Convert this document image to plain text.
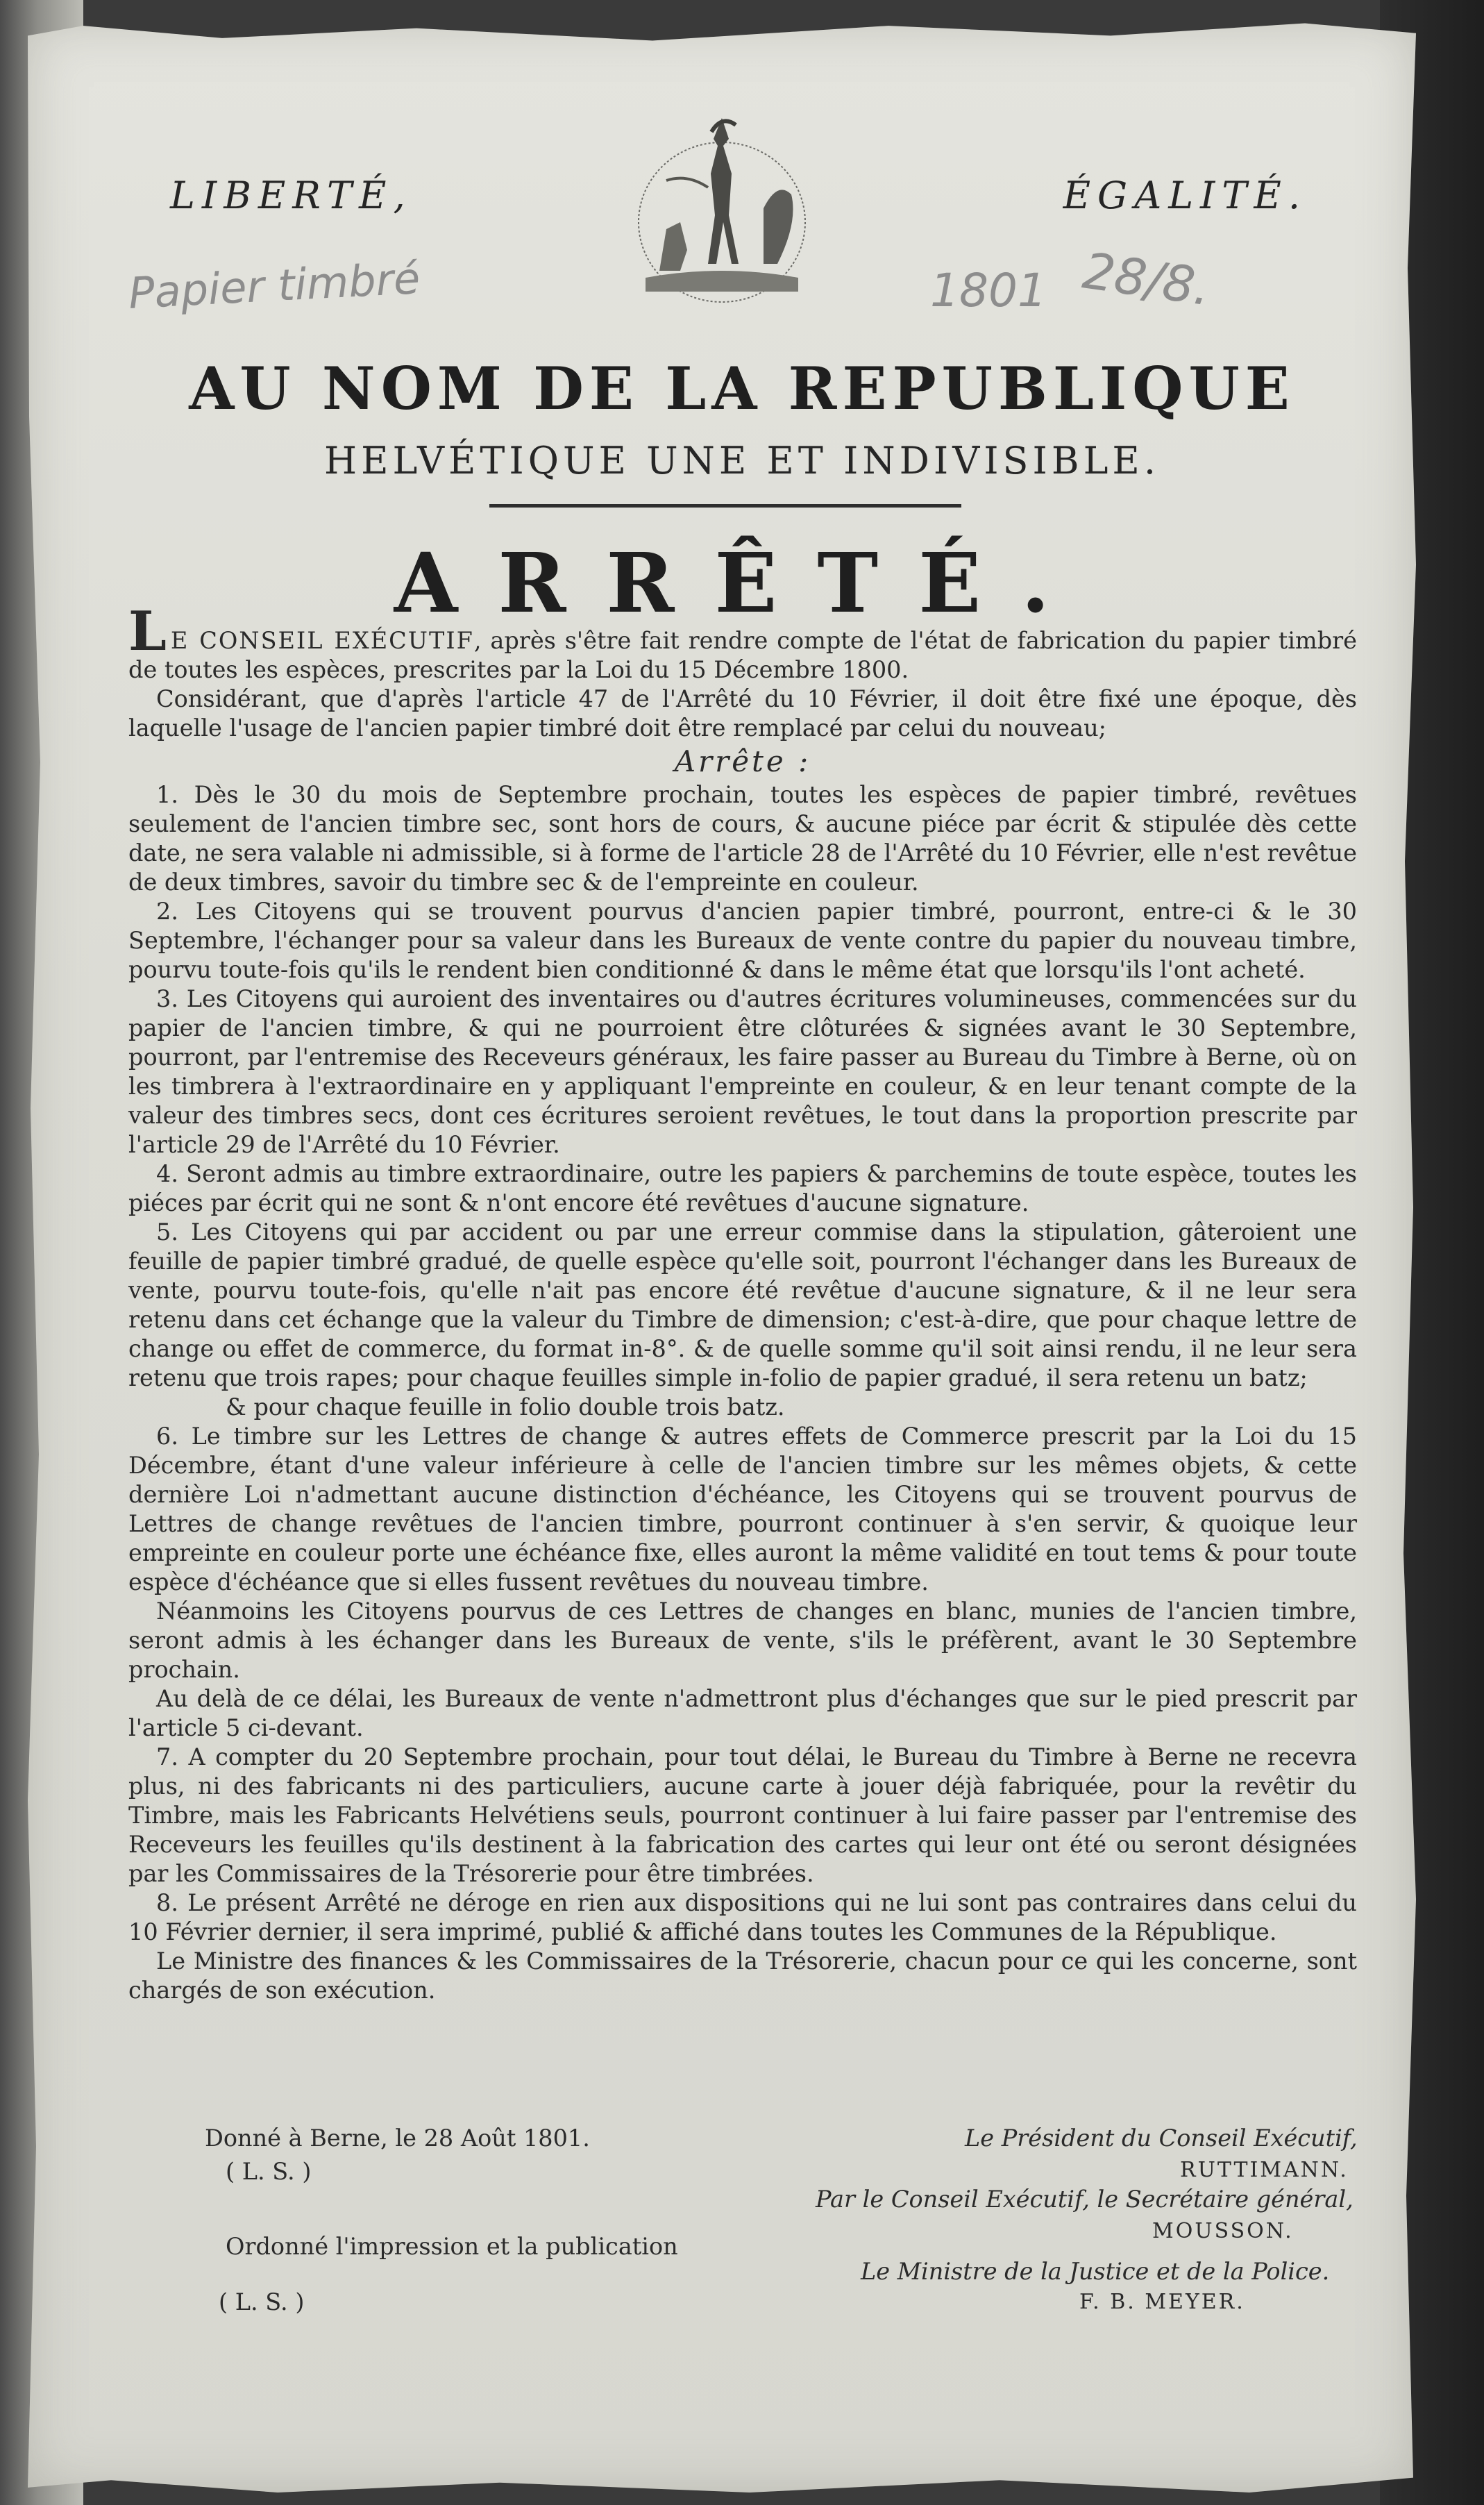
LIBERTÉ,	ÉGALITÉ.
Papier timbré	1801 28/8.
AU NOM DE LA REPUBLIQUE
HELVÉTIQUE UNE ET INDIVISIBLE.
ARRÊTÉ.

L E CONSEIL EXÉCUTIF, après s'être fait rendre compte de l'état de fabrication du papier timbré de toutes les espèces, prescrites par la Loi du 15 Décembre 1800.

Considérant, que d'après l'article 47 de l'Arrêté du 10 Février, il doit être fixé une époque, dès laquelle l'usage de l'ancien papier timbré doit être remplacé par celui du nouveau;

Arrête :

1. Dès le 30 du mois de Septembre prochain, toutes les espèces de papier timbré, revêtues seulement de l'ancien timbre sec, sont hors de cours, & aucune piéce par écrit & stipulée dès cette date, ne sera valable ni admissible, si à forme de l'article 28 de l'Arrêté du 10 Février, elle n'est revêtue de deux timbres, savoir du timbre sec & de l'empreinte en couleur.

2. Les Citoyens qui se trouvent pourvus d'ancien papier timbré, pourront, entre-ci & le 30 Septembre, l'échanger pour sa valeur dans les Bureaux de vente contre du papier du nouveau timbre, pourvu toute-fois qu'ils le rendent bien conditionné & dans le même état que lorsqu'ils l'ont acheté.

3. Les Citoyens qui auroient des inventaires ou d'autres écritures volumineuses, commencées sur du papier de l'ancien timbre, & qui ne pourroient être clôturées & signées avant le 30 Septembre, pourront, par l'entremise des Receveurs généraux, les faire passer au Bureau du Timbre à Berne, où on les timbrera à l'extraordinaire en y appliquant l'empreinte en couleur, & en leur tenant compte de la valeur des timbres secs, dont ces écritures seroient revêtues, le tout dans la proportion prescrite par l'article 29 de l'Arrêté du 10 Février.

4. Seront admis au timbre extraordinaire, outre les papiers & parchemins de toute espèce, toutes les piéces par écrit qui ne sont & n'ont encore été revêtues d'aucune signature.

5. Les Citoyens qui par accident ou par une erreur commise dans la stipulation, gâteroient une feuille de papier timbré gradué, de quelle espèce qu'elle soit, pourront l'échanger dans les Bureaux de vente, pourvu toute-fois, qu'elle n'ait pas encore été revêtue d'aucune signature, & il ne leur sera retenu dans cet échange que la valeur du Timbre de dimension; c'est-à-dire, que pour chaque lettre de change ou effet de commerce, du format in-8°. & de quelle somme qu'il soit ainsi rendu, il ne leur sera retenu que trois rapes; pour chaque feuilles simple in-folio de papier gradué, il sera retenu un batz;

& pour chaque feuille in folio double trois batz.

6. Le timbre sur les Lettres de change & autres effets de Commerce prescrit par la Loi du 15 Décembre, étant d'une valeur inférieure à celle de l'ancien timbre sur les mêmes objets, & cette dernière Loi n'admettant aucune distinction d'échéance, les Citoyens qui se trouvent pourvus de Lettres de change revêtues de l'ancien timbre, pourront continuer à s'en servir, & quoique leur empreinte en couleur porte une échéance fixe, elles auront la même validité en tout tems & pour toute espèce d'échéance que si elles fussent revêtues du nouveau timbre.

Néanmoins les Citoyens pourvus de ces Lettres de changes en blanc, munies de l'ancien timbre, seront admis à les échanger dans les Bureaux de vente, s'ils le préfèrent, avant le 30 Septembre prochain.

Au delà de ce délai, les Bureaux de vente n'admettront plus d'échanges que sur le pied prescrit par l'article 5 ci-devant.

7. A compter du 20 Septembre prochain, pour tout délai, le Bureau du Timbre à Berne ne recevra plus, ni des fabricants ni des particuliers, aucune carte à jouer déjà fabriquée, pour la revêtir du Timbre, mais les Fabricants Helvétiens seuls, pourront continuer à lui faire passer par l'entremise des Receveurs les feuilles qu'ils destinent à la fabrication des cartes qui leur ont été ou seront désignées par les Commissaires de la Trésorerie pour être timbrées.

8. Le présent Arrêté ne déroge en rien aux dispositions qui ne lui sont pas contraires dans celui du 10 Février dernier, il sera imprimé, publié & affiché dans toutes les Communes de la République.

Le Ministre des finances & les Commissaires de la Trésorerie, chacun pour ce qui les concerne, sont chargés de son exécution.

Donné à Berne, le 28 Août 1801.
( L. S. )
Le Président du Conseil Exécutif,
RUTTIMANN.
Par le Conseil Exécutif, le Secrétaire général,
MOUSSON.
Ordonné l'impression et la publication
( L. S. )
Le Ministre de la Justice et de la Police.
F. B. MEYER.
